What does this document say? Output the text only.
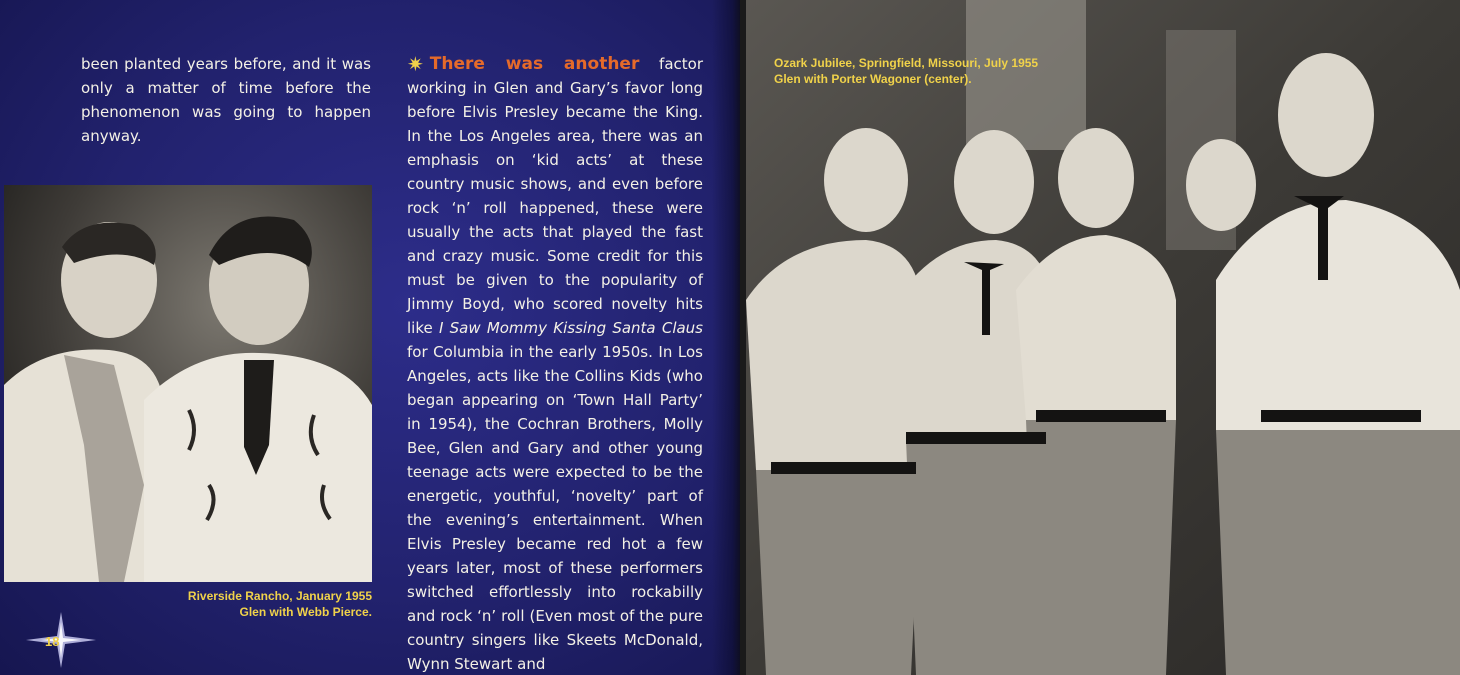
been planted years before, and it was only a matter of time before the phenomenon was going to happen anyway.

Riverside Rancho, January 1955
Glen with Webb Pierce.

✷ There was another factor working in Glen and Gary’s favor long before Elvis Presley became the King. In the Los Angeles area, there was an emphasis on ‘kid acts’ at these country music shows, and even before rock ‘n’ roll happened, these were usually the acts that played the fast and crazy music. Some credit for this must be given to the popularity of Jimmy Boyd, who scored novelty hits like I Saw Mommy Kissing Santa Claus for Columbia in the early 1950s. In Los Angeles, acts like the Collins Kids (who began appearing on ‘Town Hall Party’ in 1954), the Cochran Brothers, Molly Bee, Glen and Gary and other young teenage acts were expected to be the energetic, youthful, ‘novelty’ part of the evening’s entertainment. When Elvis Presley became red hot a few years later, most of these performers switched effortlessly into rockabilly and rock ‘n’ roll (Even most of the pure country singers like Skeets McDonald, Wynn Stewart and

18
Ozark Jubilee, Springfield, Missouri, July 1955
Glen with Porter Wagoner (center).
